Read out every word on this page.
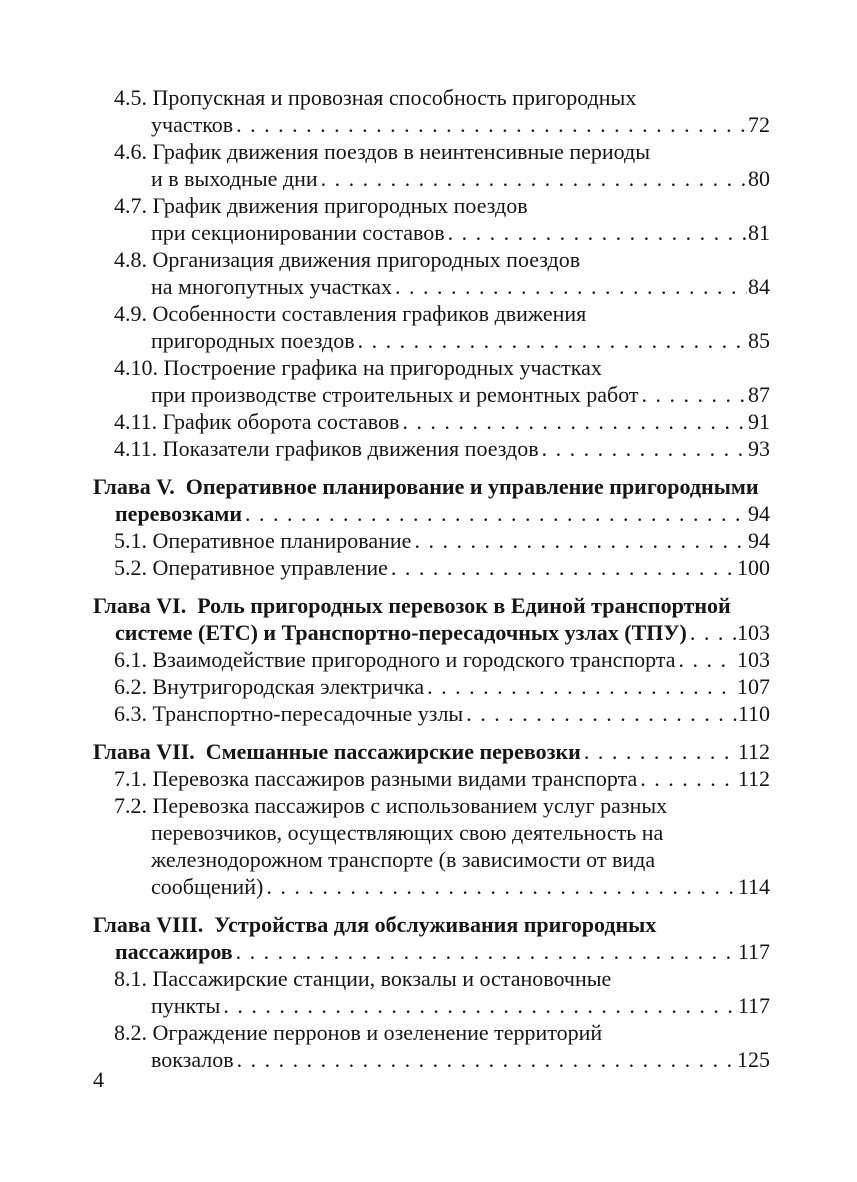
4.5. Пропускная и провозная способность пригородных
участков .....	72
4.6. График движения поездов в неинтенсивные периоды
и в выходные дни .....	80
4.7. График движения пригородных поездов
при секционировании составов .....	81
4.8. Организация движения пригородных поездов
на многопутных участках .....	84
4.9. Особенности составления графиков движения
пригородных поездов .....	85
4.10. Построение графика на пригородных участках
при производстве строительных и ремонтных работ .....	87
4.11. График оборота составов .....	91
4.11. Показатели графиков движения поездов .....	93
Глава V.  Оперативное планирование и управление пригородными
перевозками .....	94
5.1. Оперативное планирование .....	94
5.2. Оперативное управление .....	100
Глава VI.  Роль пригородных перевозок в Единой транспортной
системе (ЕТС) и Транспортно-пересадочных узлах (ТПУ) ..... 103
6.1. Взаимодействие пригородного и городского транспорта .....	103
6.2. Внутригородская электричка .....	107
6.3. Транспортно-пересадочные узлы .....	110
Глава VII.  Смешанные пассажирские перевозки .....	112
7.1. Перевозка пассажиров разными видами транспорта .....	112
7.2. Перевозка пассажиров с использованием услуг разных
перевозчиков, осуществляющих свою деятельность на
железнодорожном транспорте (в зависимости от вида
сообщений) .....	114
Глава VIII.  Устройства для обслуживания пригородных
пассажиров .....	117
8.1. Пассажирские станции, вокзалы и остановочные
пункты .....	117
8.2. Ограждение перронов и озеленение территорий
вокзалов .....	125
4
